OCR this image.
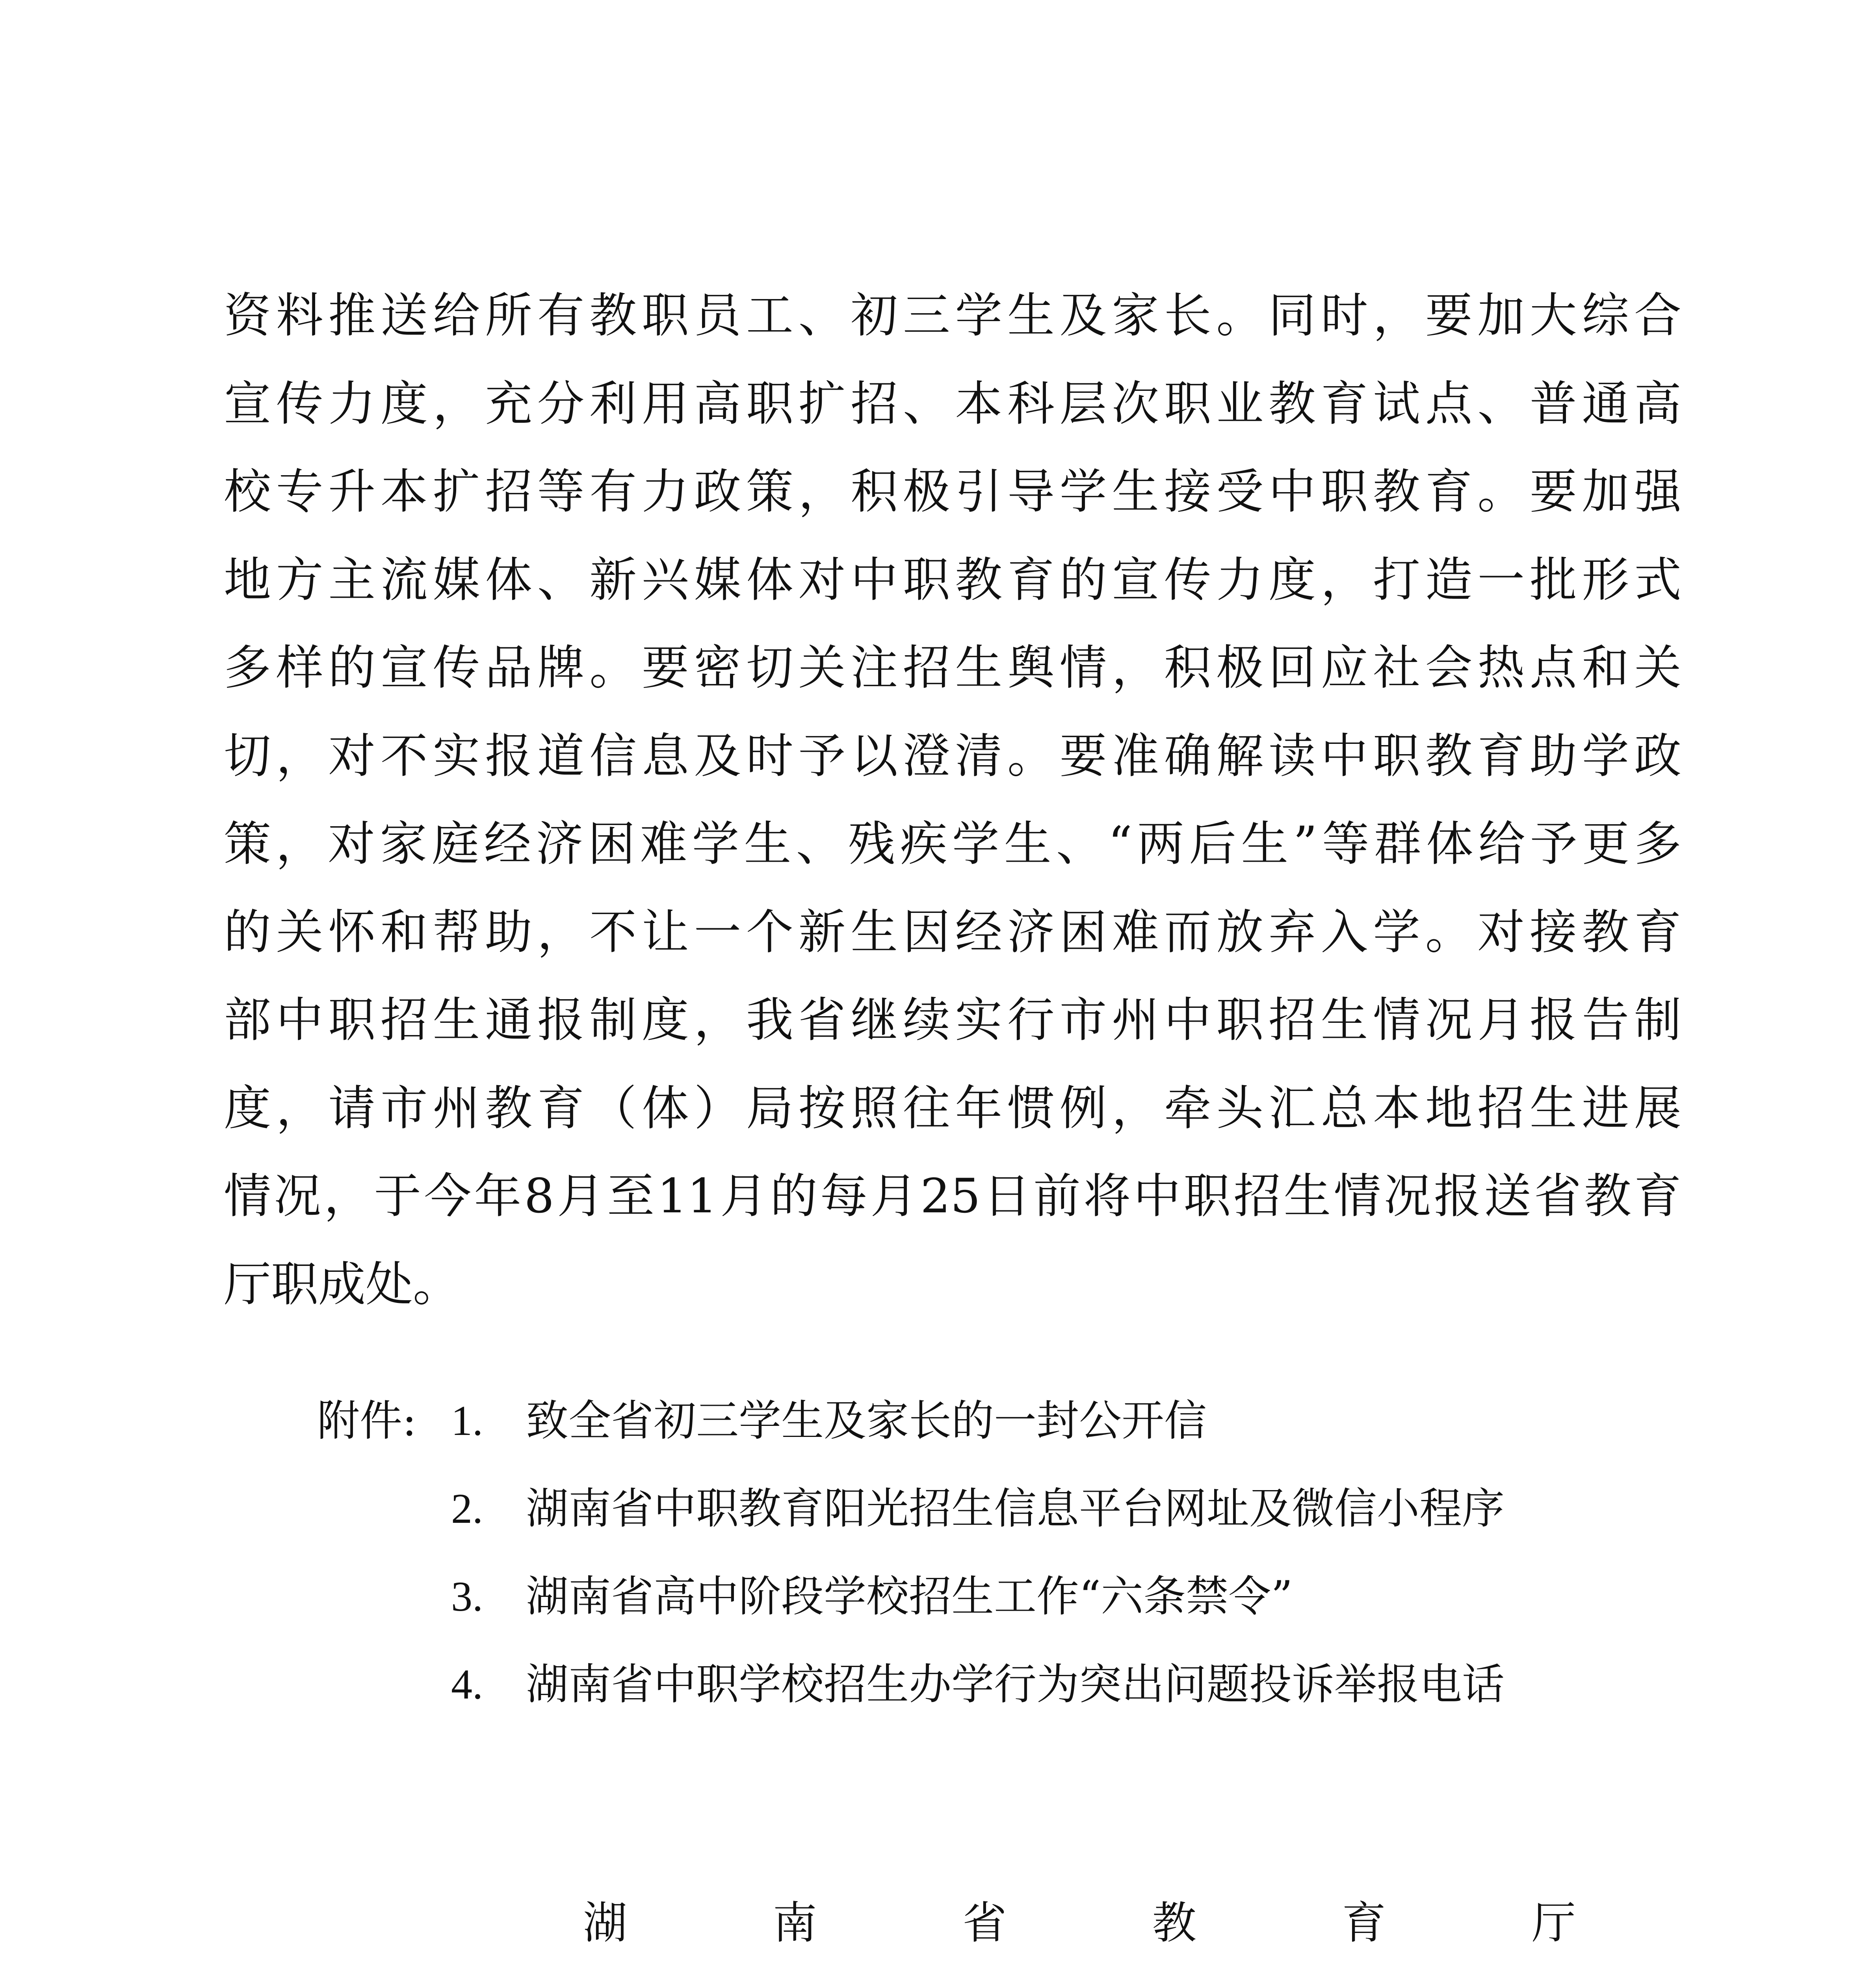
资料推送给所有教职员工、初三学生及家长。同时，要加大综合
宣传力度，充分利用高职扩招、本科层次职业教育试点、普通高
校专升本扩招等有力政策，积极引导学生接受中职教育。要加强
地方主流媒体、新兴媒体对中职教育的宣传力度，打造一批形式
多样的宣传品牌。要密切关注招生舆情，积极回应社会热点和关
切，对不实报道信息及时予以澄清。要准确解读中职教育助学政
策，对家庭经济困难学生、残疾学生、“两后生”等群体给予更多
的关怀和帮助，不让一个新生因经济困难而放弃入学。对接教育
部中职招生通报制度，我省继续实行市州中职招生情况月报告制
度，请市州教育（体）局按照往年惯例，牵头汇总本地招生进展
情况，于今年8月至11月的每月25日前将中职招生情况报送省教育
厅职成处。
附件: 1.	致全省初三学生及家长的一封公开信
2.	湖南省中职教育阳光招生信息平台网址及微信小程序
3.	湖南省高中阶段学校招生工作“六条禁令”
4.	湖南省中职学校招生办学行为突出问题投诉举报电话
湖南省教育厅
